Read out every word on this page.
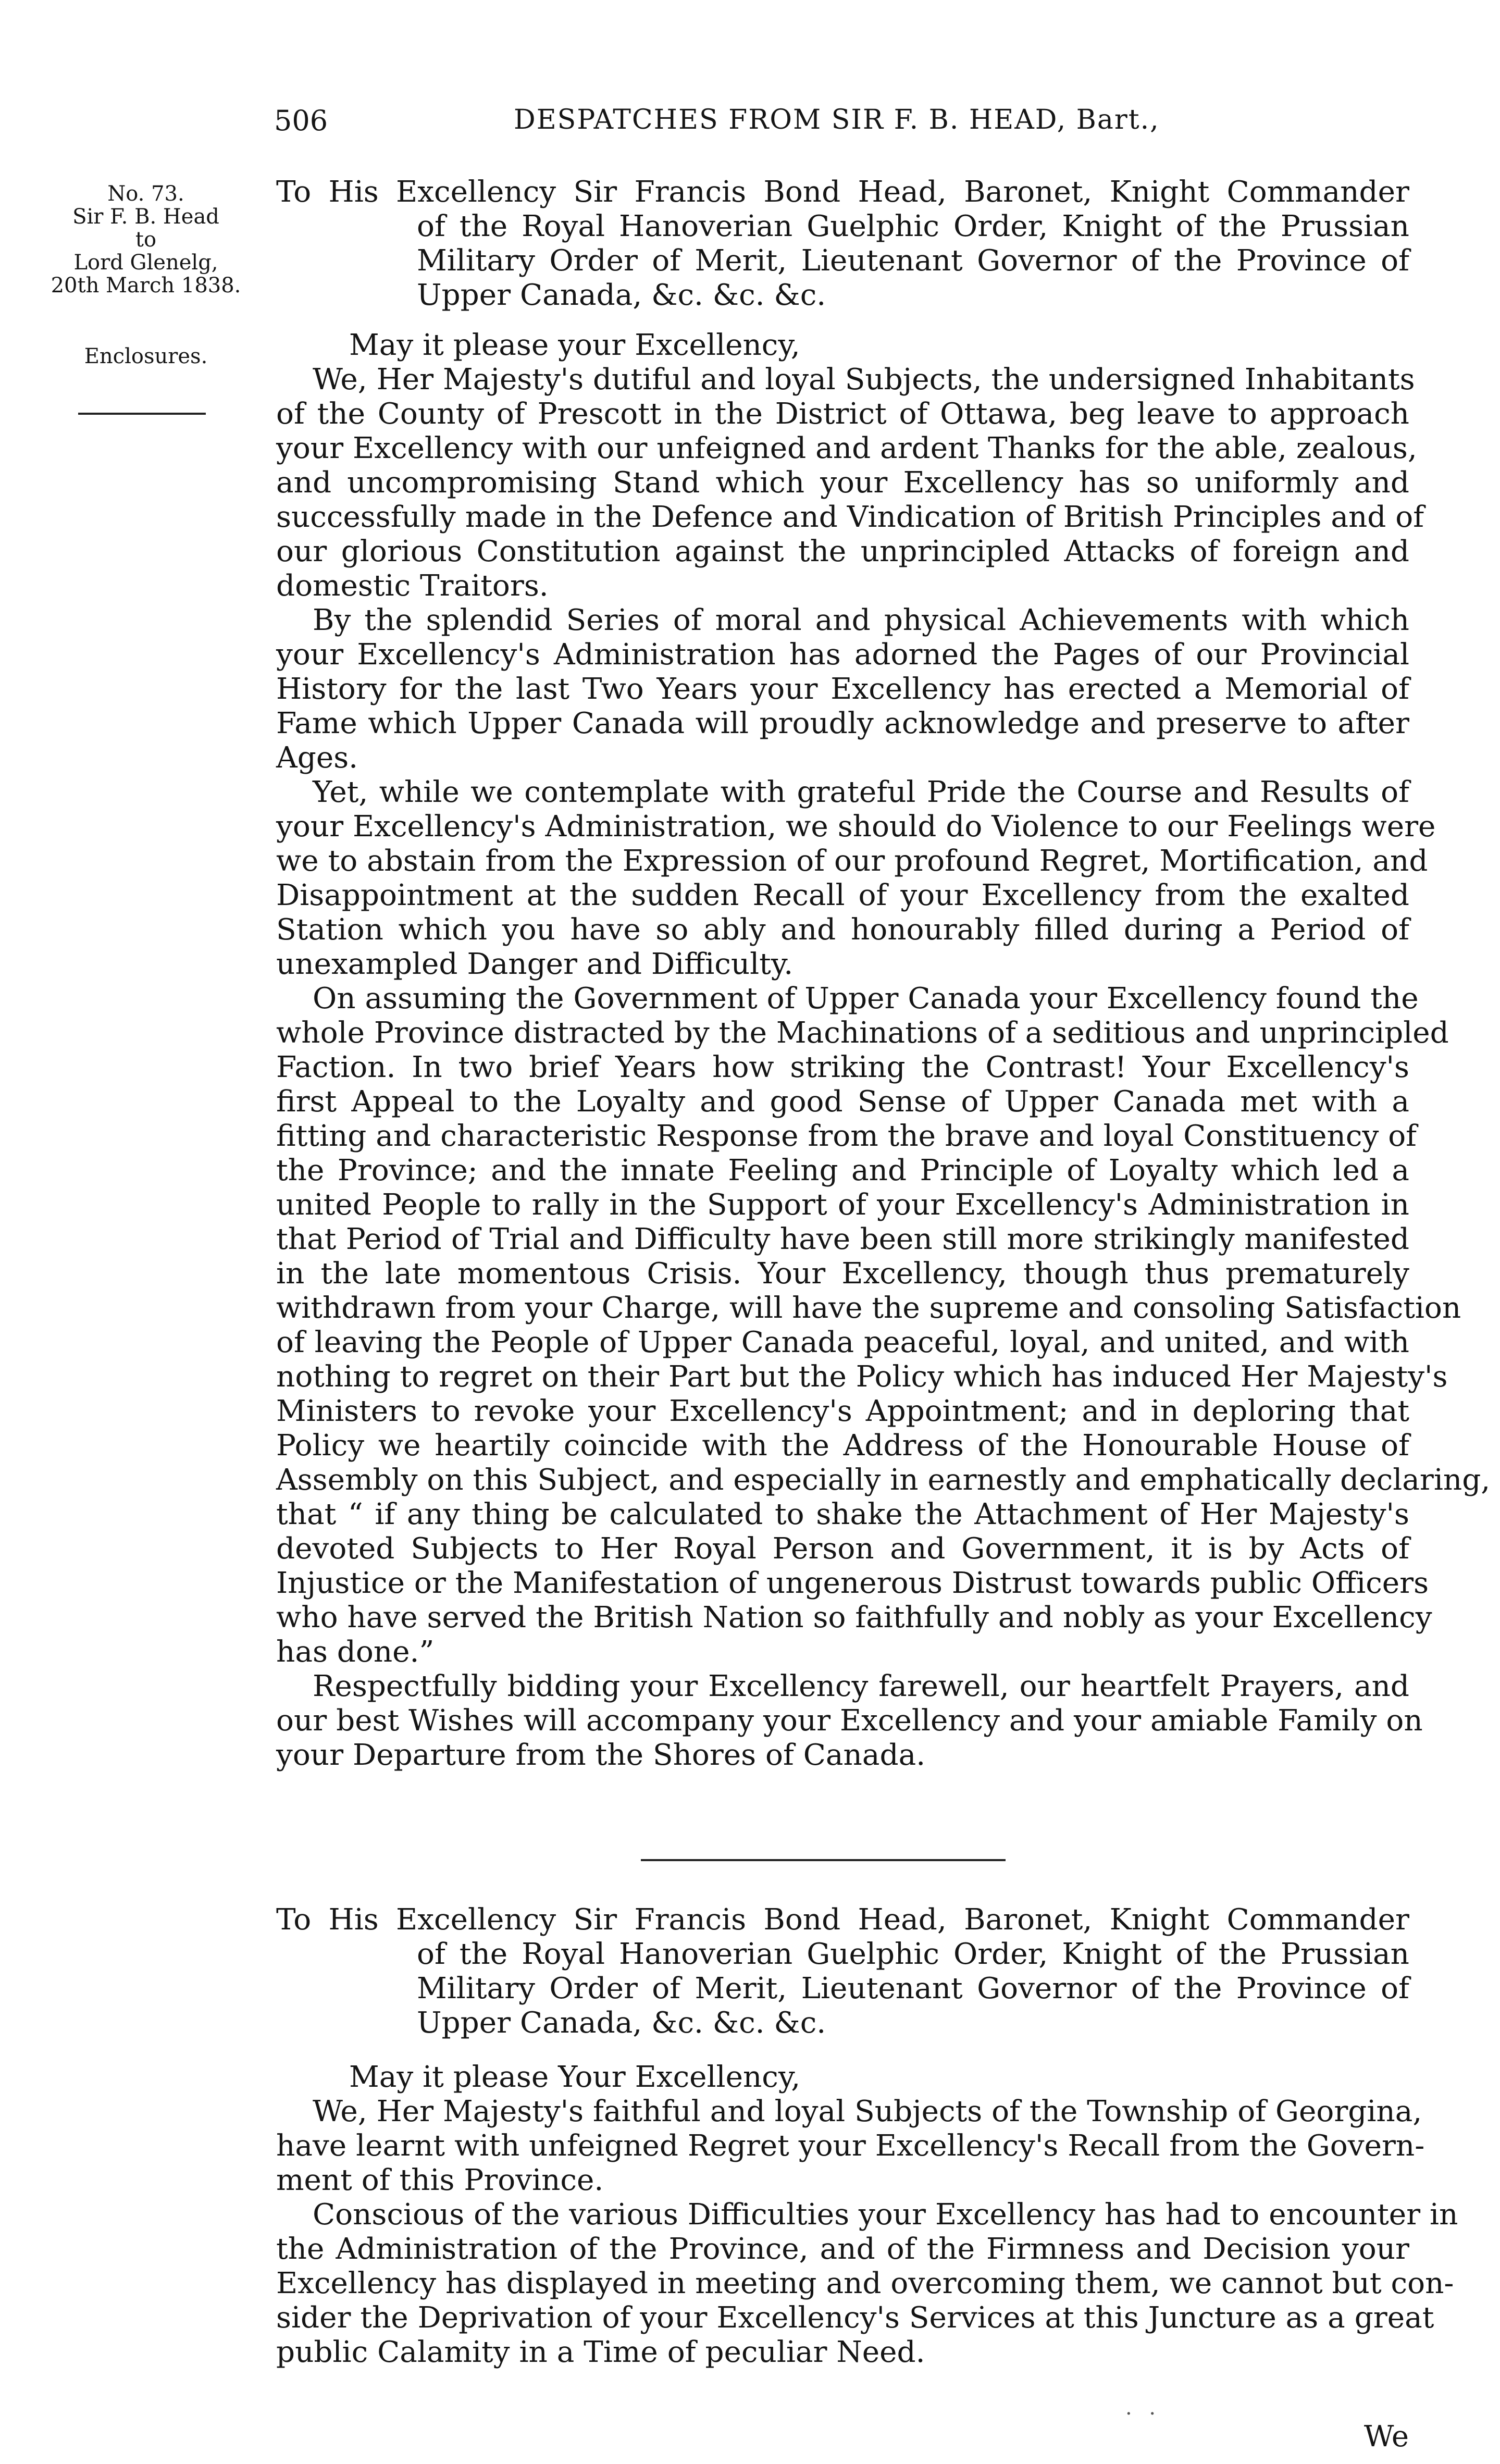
506	DESPATCHES FROM SIR F. B. HEAD, Bart.,
No. 73.
Sir F. B. Head
to
Lord Glenelg,
20th March 1838.
Enclosures.
To His Excellency Sir Francis Bond Head, Baronet, Knight Commander
of the Royal Hanoverian Guelphic Order, Knight of the Prussian
Military Order of Merit, Lieutenant Governor of the Province of
Upper Canada, &c. &c. &c.
May it please your Excellency,
We, Her Majesty's dutiful and loyal Subjects, the undersigned Inhabitants
of the County of Prescott in the District of Ottawa, beg leave to approach
your Excellency with our unfeigned and ardent Thanks for the able, zealous,
and uncompromising Stand which your Excellency has so uniformly and
successfully made in the Defence and Vindication of British Principles and of
our glorious Constitution against the unprincipled Attacks of foreign and
domestic Traitors.
By the splendid Series of moral and physical Achievements with which
your Excellency's Administration has adorned the Pages of our Provincial
History for the last Two Years your Excellency has erected a Memorial of
Fame which Upper Canada will proudly acknowledge and preserve to after
Ages.
Yet, while we contemplate with grateful Pride the Course and Results of
your Excellency's Administration, we should do Violence to our Feelings were
we to abstain from the Expression of our profound Regret, Mortification, and
Disappointment at the sudden Recall of your Excellency from the exalted
Station which you have so ably and honourably filled during a Period of
unexampled Danger and Difficulty.
On assuming the Government of Upper Canada your Excellency found the
whole Province distracted by the Machinations of a seditious and unprincipled
Faction. In two brief Years how striking the Contrast! Your Excellency's
first Appeal to the Loyalty and good Sense of Upper Canada met with a
fitting and characteristic Response from the brave and loyal Constituency of
the Province; and the innate Feeling and Principle of Loyalty which led a
united People to rally in the Support of your Excellency's Administration in
that Period of Trial and Difficulty have been still more strikingly manifested
in the late momentous Crisis. Your Excellency, though thus prematurely
withdrawn from your Charge, will have the supreme and consoling Satisfaction
of leaving the People of Upper Canada peaceful, loyal, and united, and with
nothing to regret on their Part but the Policy which has induced Her Majesty's
Ministers to revoke your Excellency's Appointment; and in deploring that
Policy we heartily coincide with the Address of the Honourable House of
Assembly on this Subject, and especially in earnestly and emphatically declaring,
that “ if any thing be calculated to shake the Attachment of Her Majesty's
devoted Subjects to Her Royal Person and Government, it is by Acts of
Injustice or the Manifestation of ungenerous Distrust towards public Officers
who have served the British Nation so faithfully and nobly as your Excellency
has done.”
Respectfully bidding your Excellency farewell, our heartfelt Prayers, and
our best Wishes will accompany your Excellency and your amiable Family on
your Departure from the Shores of Canada.
To His Excellency Sir Francis Bond Head, Baronet, Knight Commander
of the Royal Hanoverian Guelphic Order, Knight of the Prussian
Military Order of Merit, Lieutenant Governor of the Province of
Upper Canada, &c. &c. &c.
May it please Your Excellency,
We, Her Majesty's faithful and loyal Subjects of the Township of Georgina,
have learnt with unfeigned Regret your Excellency's Recall from the Govern-
ment of this Province.
Conscious of the various Difficulties your Excellency has had to encounter in
the Administration of the Province, and of the Firmness and Decision your
Excellency has displayed in meeting and overcoming them, we cannot but con-
sider the Deprivation of your Excellency's Services at this Juncture as a great
public Calamity in a Time of peculiar Need.
· ·
We
